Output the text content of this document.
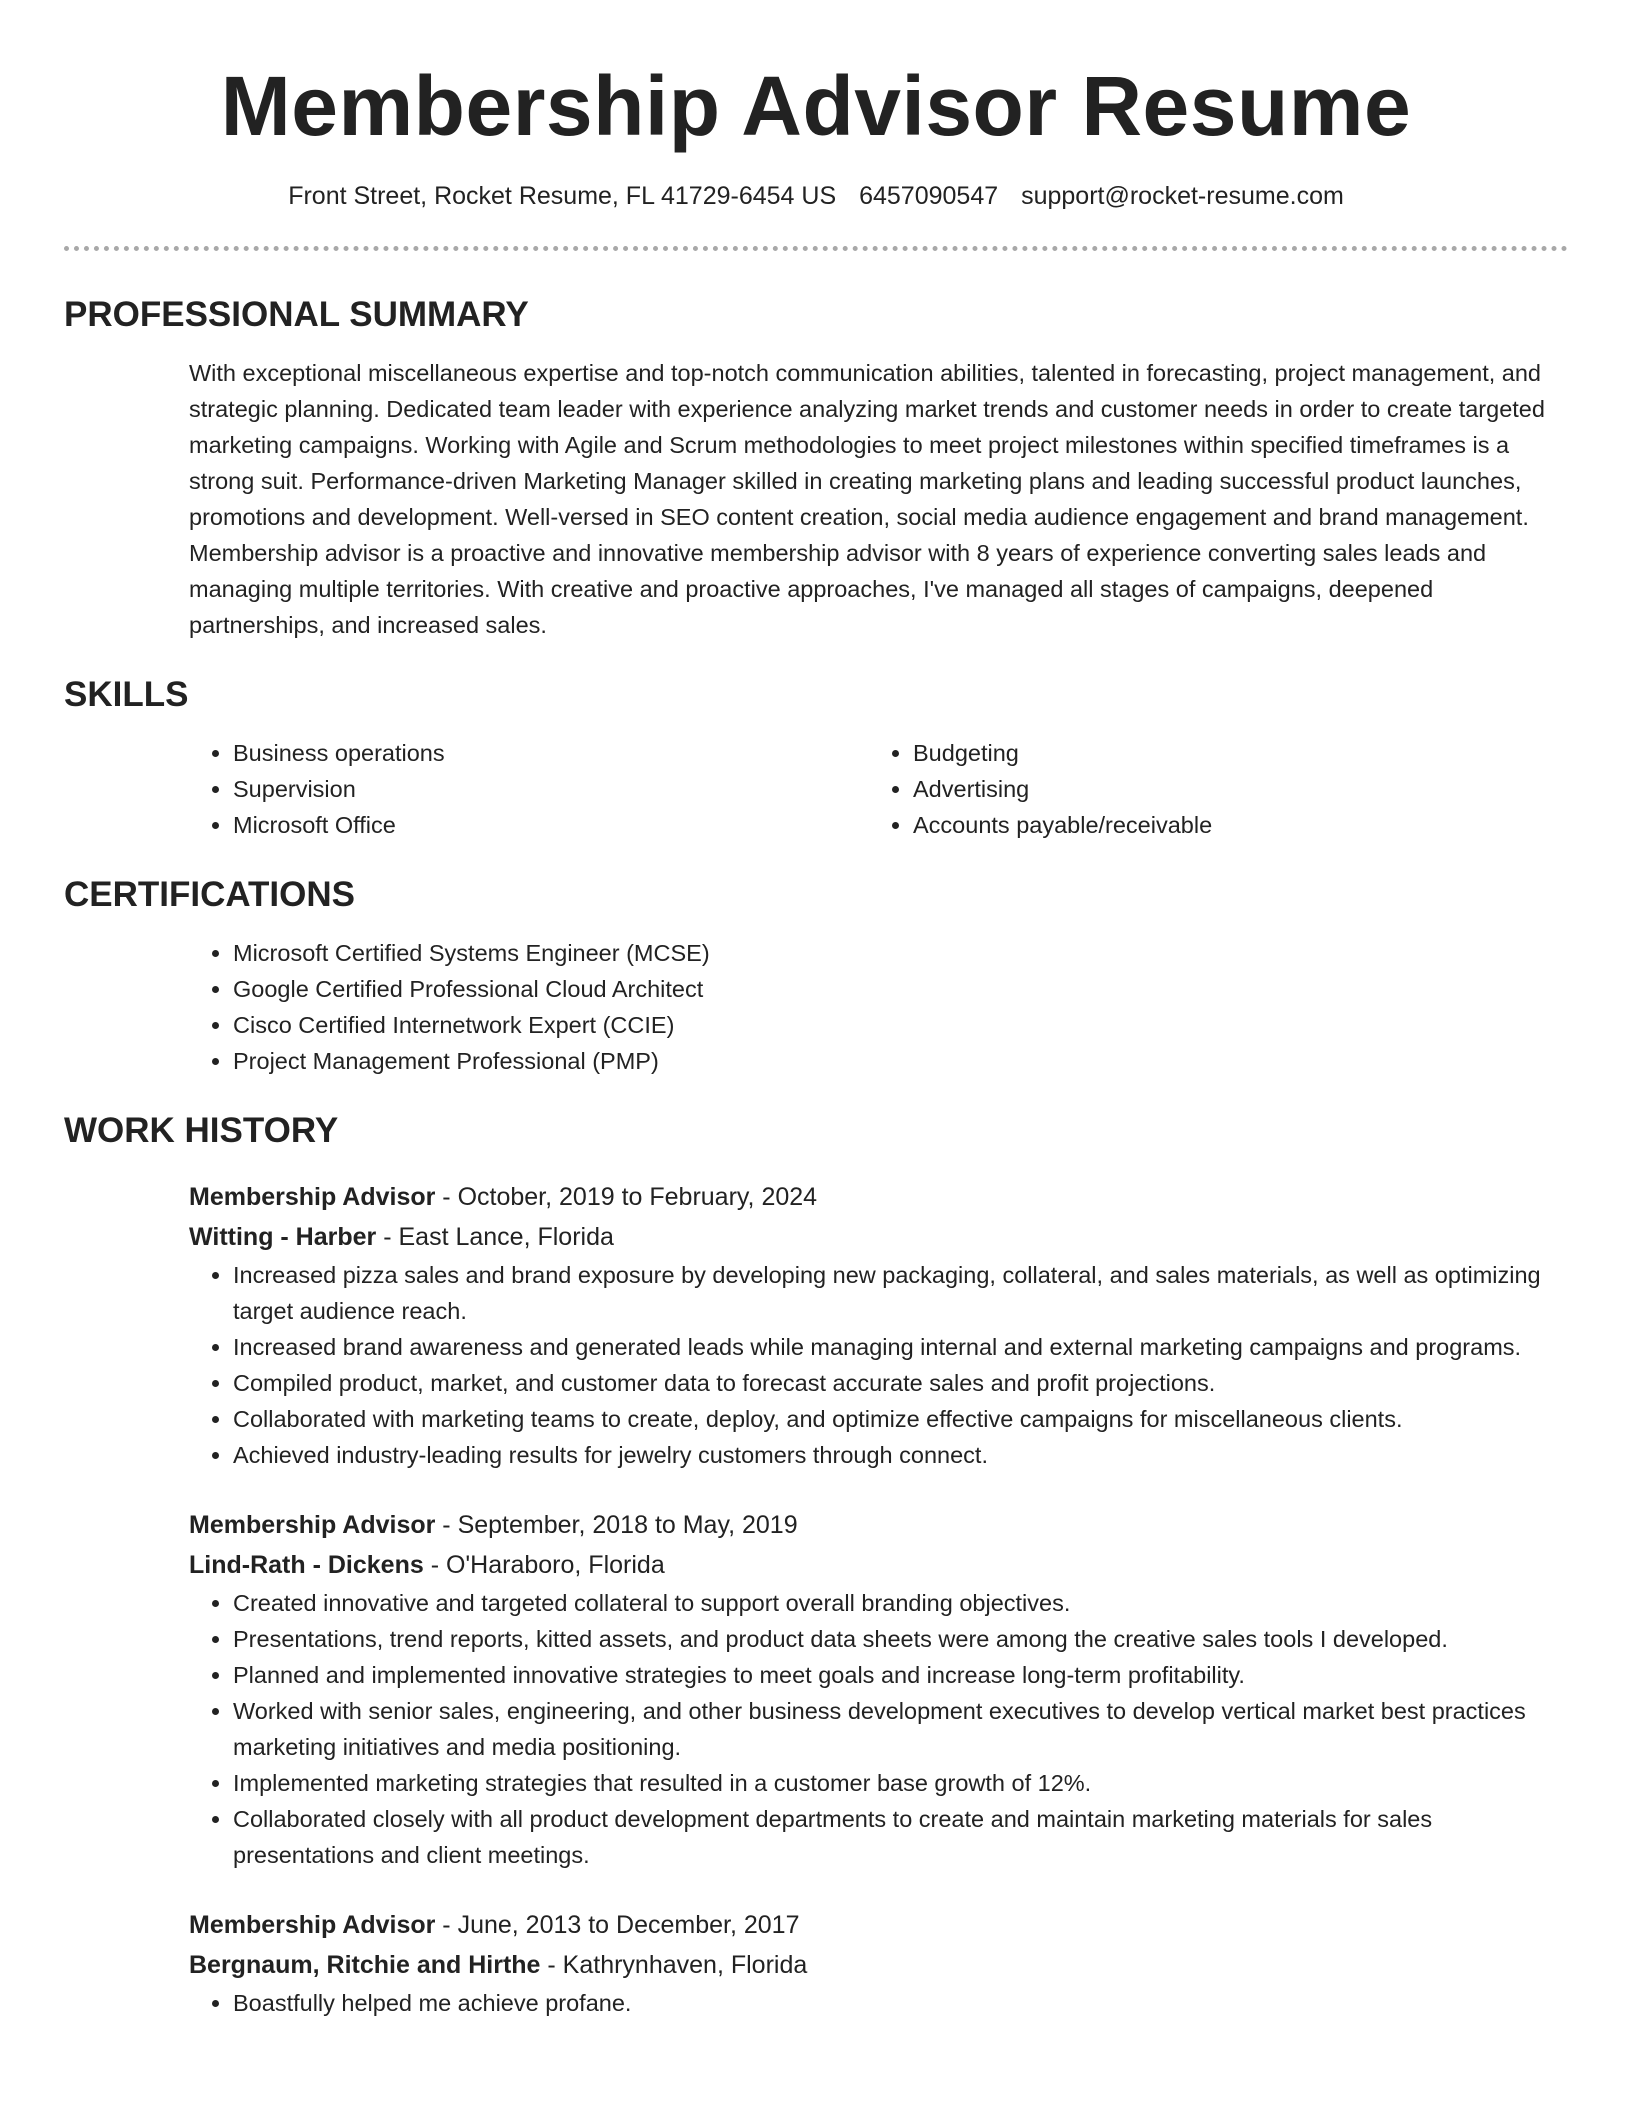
Membership Advisor Resume
Front Street, Rocket Resume, FL 41729-6454 US 6457090547 support@rocket-resume.com
PROFESSIONAL SUMMARY

With exceptional miscellaneous expertise and top-notch communication abilities, talented in forecasting, project management, and strategic planning. Dedicated team leader with experience analyzing market trends and customer needs in order to create targeted marketing campaigns. Working with Agile and Scrum methodologies to meet project milestones within specified timeframes is a strong suit. Performance-driven Marketing Manager skilled in creating marketing plans and leading successful product launches, promotions and development. Well-versed in SEO content creation, social media audience engagement and brand management. Membership advisor is a proactive and innovative membership advisor with 8 years of experience converting sales leads and managing multiple territories. With creative and proactive approaches, I've managed all stages of campaigns, deepened partnerships, and increased sales.

SKILLS
• Business operations
• Supervision
• Microsoft Office
• Budgeting
• Advertising
• Accounts payable/receivable
CERTIFICATIONS
• Microsoft Certified Systems Engineer (MCSE)
• Google Certified Professional Cloud Architect
• Cisco Certified Internetwork Expert (CCIE)
• Project Management Professional (PMP)
WORK HISTORY
Membership Advisor - October, 2019 to February, 2024
Witting - Harber - East Lance, Florida
• Increased pizza sales and brand exposure by developing new packaging, collateral, and sales materials, as well as optimizing target audience reach.
• Increased brand awareness and generated leads while managing internal and external marketing campaigns and programs.
• Compiled product, market, and customer data to forecast accurate sales and profit projections.
• Collaborated with marketing teams to create, deploy, and optimize effective campaigns for miscellaneous clients.
• Achieved industry-leading results for jewelry customers through connect.
Membership Advisor - September, 2018 to May, 2019
Lind-Rath - Dickens - O'Haraboro, Florida
• Created innovative and targeted collateral to support overall branding objectives.
• Presentations, trend reports, kitted assets, and product data sheets were among the creative sales tools I developed.
• Planned and implemented innovative strategies to meet goals and increase long-term profitability.
• Worked with senior sales, engineering, and other business development executives to develop vertical market best practices marketing initiatives and media positioning.
• Implemented marketing strategies that resulted in a customer base growth of 12%.
• Collaborated closely with all product development departments to create and maintain marketing materials for sales presentations and client meetings.
Membership Advisor - June, 2013 to December, 2017
Bergnaum, Ritchie and Hirthe - Kathrynhaven, Florida
• Boastfully helped me achieve profane.
